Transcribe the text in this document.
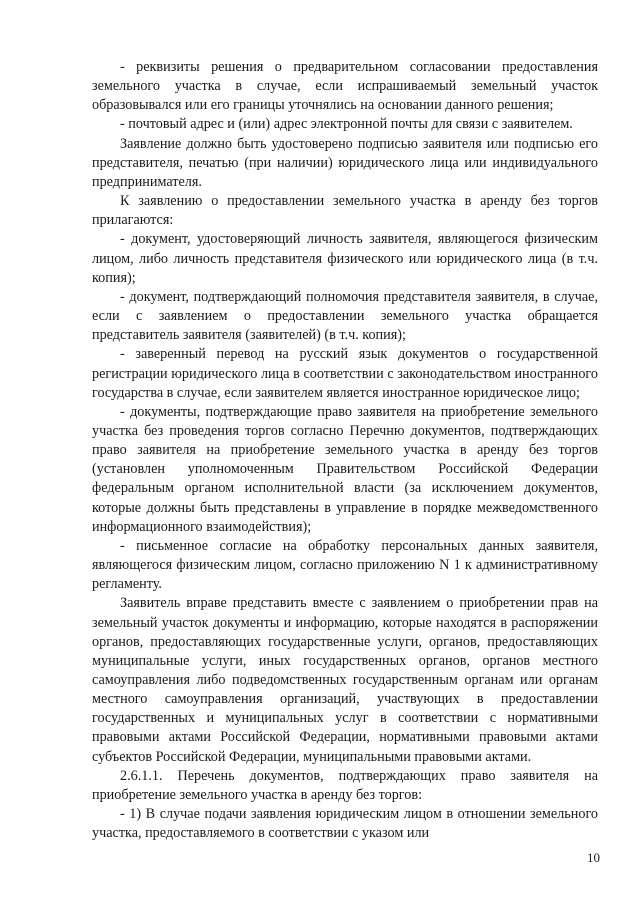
- реквизиты решения о предварительном согласовании предоставления земельного участка в случае, если испрашиваемый земельный участок образовывался или его границы уточнялись на основании данного решения;

- почтовый адрес и (или) адрес электронной почты для связи с заявителем.

Заявление должно быть удостоверено подписью заявителя или подписью его представителя, печатью (при наличии) юридического лица или индивидуального предпринимателя.

К заявлению о предоставлении земельного участка в аренду без торгов прилагаются:

- документ, удостоверяющий личность заявителя, являющегося физическим лицом, либо личность представителя физического или юридического лица (в т.ч. копия);

- документ, подтверждающий полномочия представителя заявителя, в случае, если с заявлением о предоставлении земельного участка обращается представитель заявителя (заявителей) (в т.ч. копия);

- заверенный перевод на русский язык документов о государственной регистрации юридического лица в соответствии с законодательством иностранного государства в случае, если заявителем является иностранное юридическое лицо;

- документы, подтверждающие право заявителя на приобретение земельного участка без проведения торгов согласно Перечню документов, подтверждающих право заявителя на приобретение земельного участка в аренду без торгов (установлен уполномоченным Правительством Российской Федерации федеральным органом исполнительной власти (за исключением документов, которые должны быть представлены в управление в порядке межведомственного информационного взаимодействия);

- письменное согласие на обработку персональных данных заявителя, являющегося физическим лицом, согласно приложению N 1 к административному регламенту.

Заявитель вправе представить вместе с заявлением о приобретении прав на земельный участок документы и информацию, которые находятся в распоряжении органов, предоставляющих государственные услуги, органов, предоставляющих муниципальные услуги, иных государственных органов, органов местного самоуправления либо подведомственных государственным органам или органам местного самоуправления организаций, участвующих в предоставлении государственных и муниципальных услуг в соответствии с нормативными правовыми актами Российской Федерации, нормативными правовыми актами субъектов Российской Федерации, муниципальными правовыми актами.

2.6.1.1. Перечень документов, подтверждающих право заявителя на приобретение земельного участка в аренду без торгов:

- 1) В случае подачи заявления юридическим лицом в отношении земельного участка, предоставляемого в соответствии с указом или

10
